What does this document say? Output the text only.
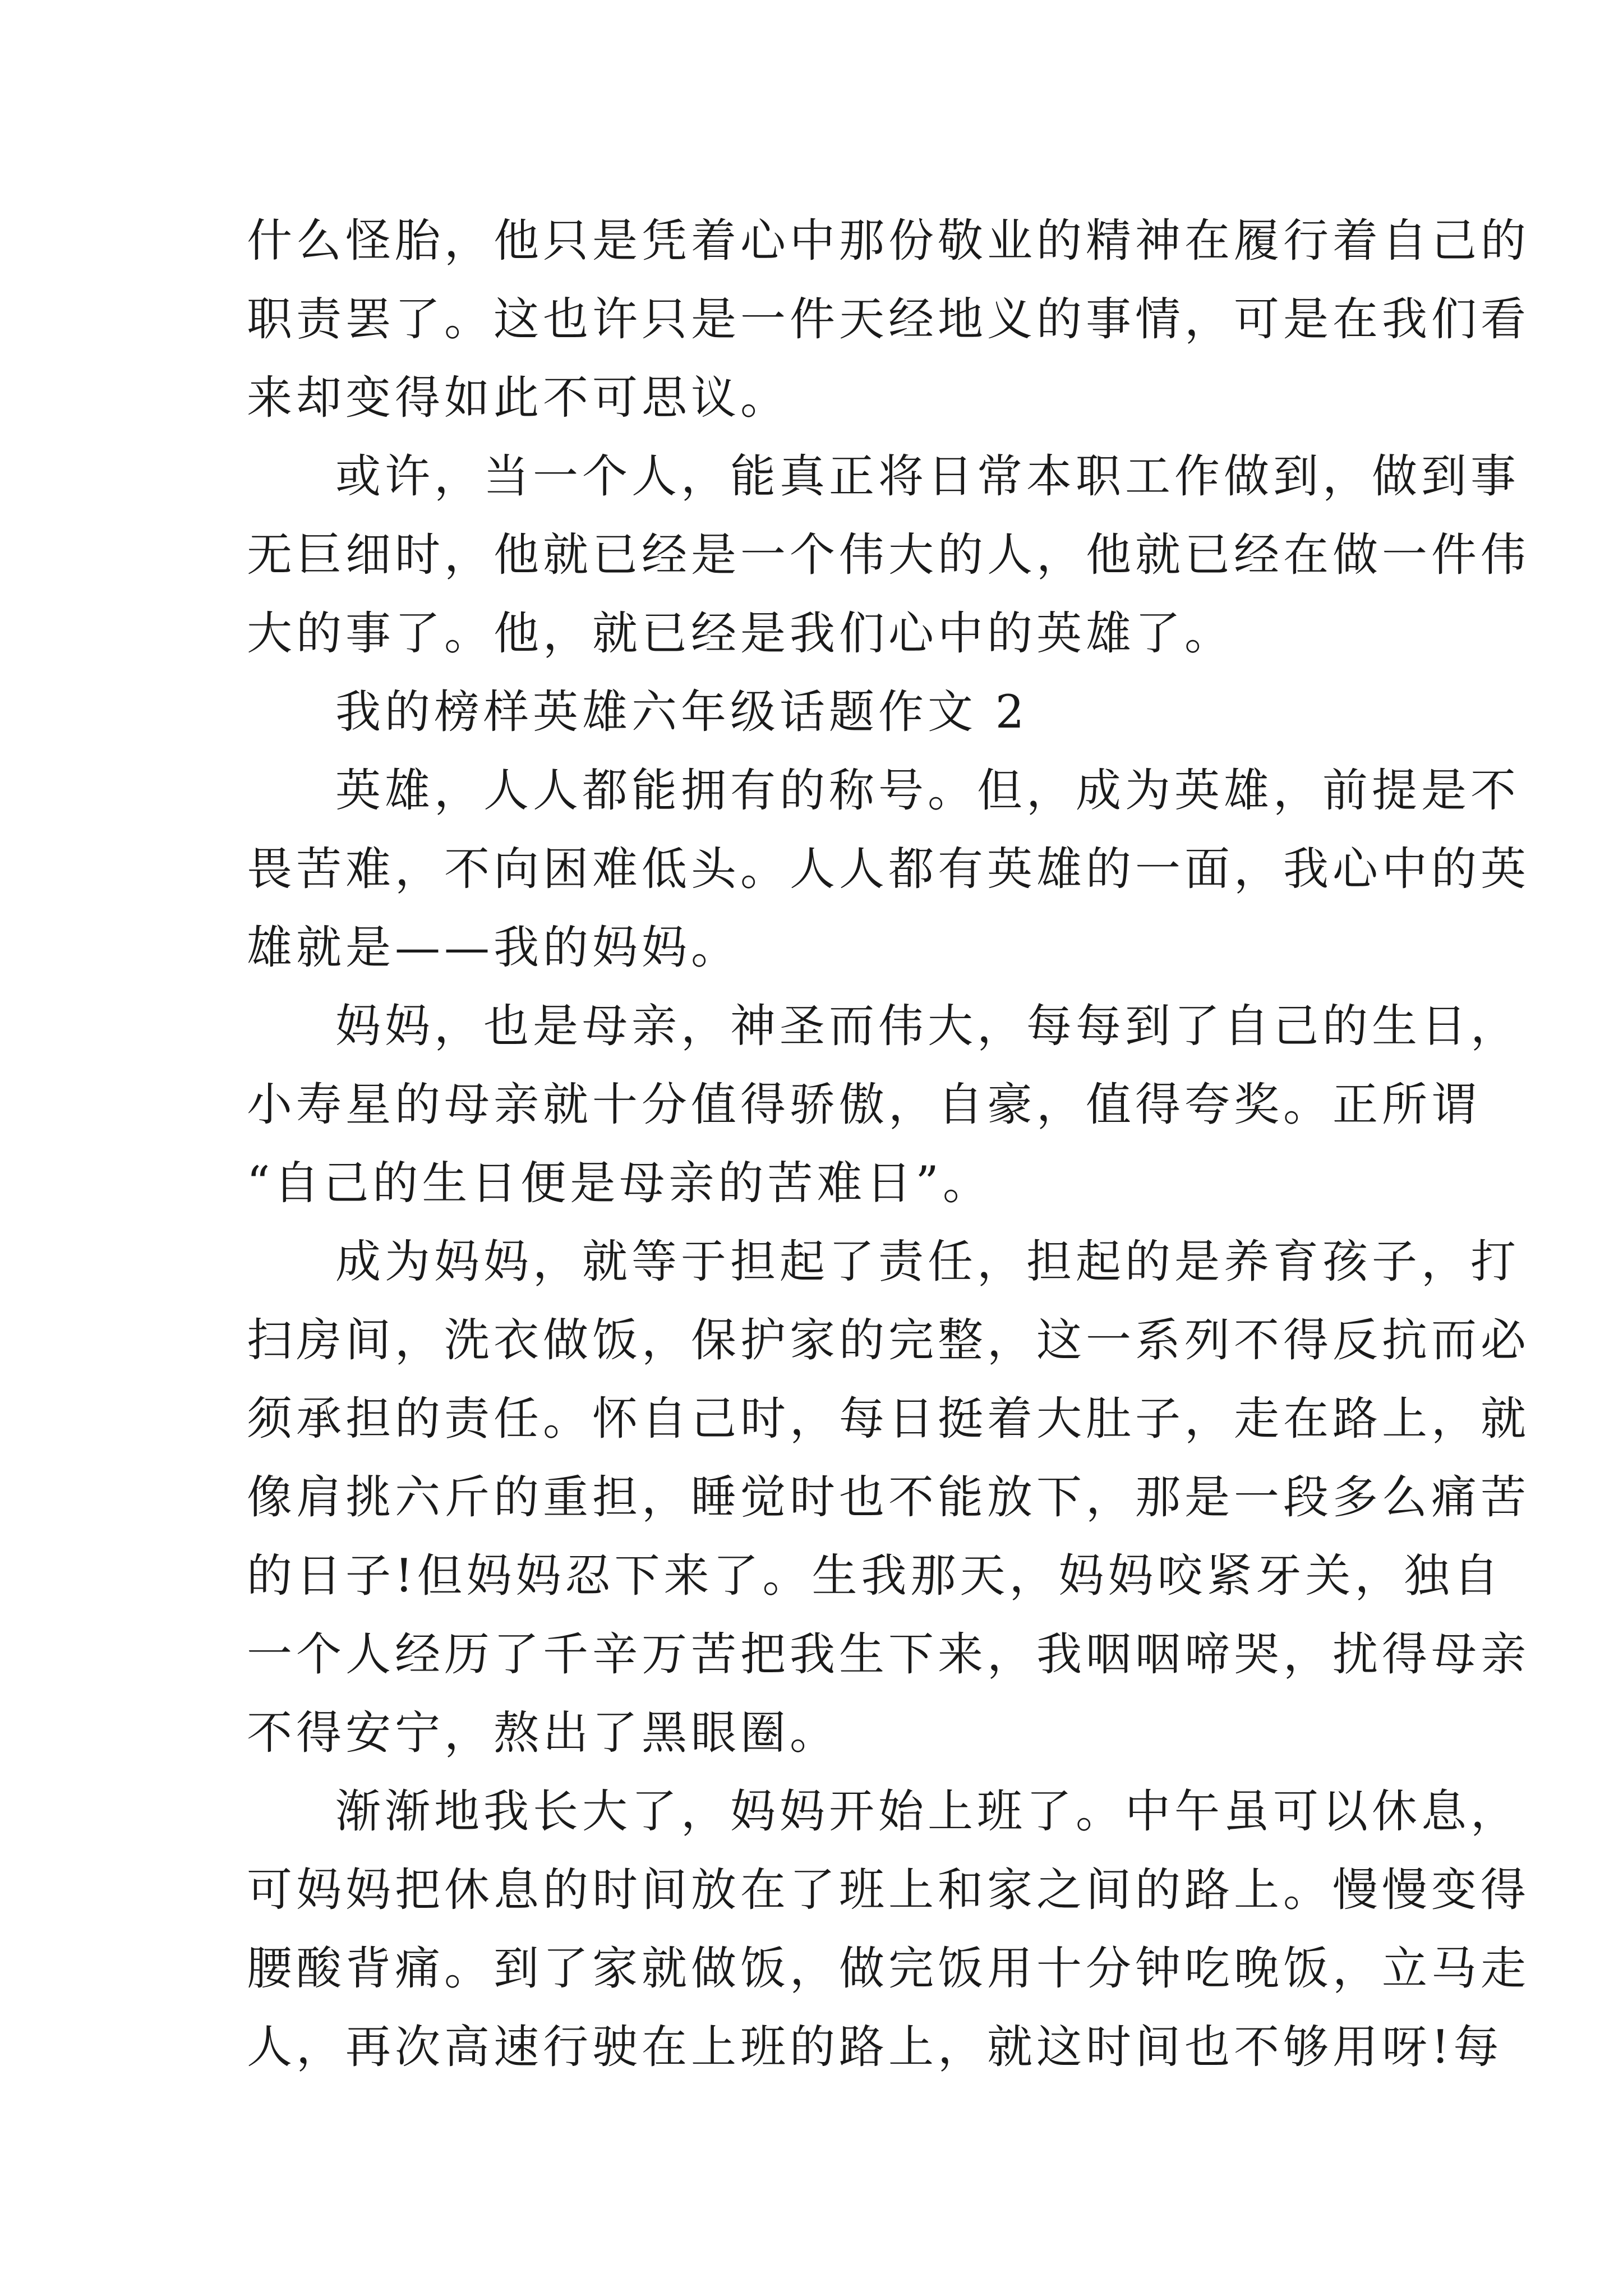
什么怪胎，他只是凭着心中那份敬业的精神在履行着自己的
职责罢了。这也许只是一件天经地义的事情，可是在我们看
来却变得如此不可思议。
或许，当一个人，能真正将日常本职工作做到，做到事
无巨细时，他就已经是一个伟大的人，他就已经在做一件伟
大的事了。他，就已经是我们心中的英雄了。
我的榜样英雄六年级话题作文 2
英雄，人人都能拥有的称号。但，成为英雄，前提是不
畏苦难，不向困难低头。人人都有英雄的一面，我心中的英
雄就是——我的妈妈。
妈妈，也是母亲，神圣而伟大，每每到了自己的生日，
小寿星的母亲就十分值得骄傲，自豪，值得夸奖。正所谓
“自己的生日便是母亲的苦难日”。
成为妈妈，就等于担起了责任，担起的是养育孩子，打
扫房间，洗衣做饭，保护家的完整，这一系列不得反抗而必
须承担的责任。怀自己时，每日挺着大肚子，走在路上，就
像肩挑六斤的重担，睡觉时也不能放下，那是一段多么痛苦
的日子!但妈妈忍下来了。生我那天，妈妈咬紧牙关，独自
一个人经历了千辛万苦把我生下来，我咽咽啼哭，扰得母亲
不得安宁，熬出了黑眼圈。
渐渐地我长大了，妈妈开始上班了。中午虽可以休息，
可妈妈把休息的时间放在了班上和家之间的路上。慢慢变得
腰酸背痛。到了家就做饭，做完饭用十分钟吃晚饭，立马走
人，再次高速行驶在上班的路上，就这时间也不够用呀!每
